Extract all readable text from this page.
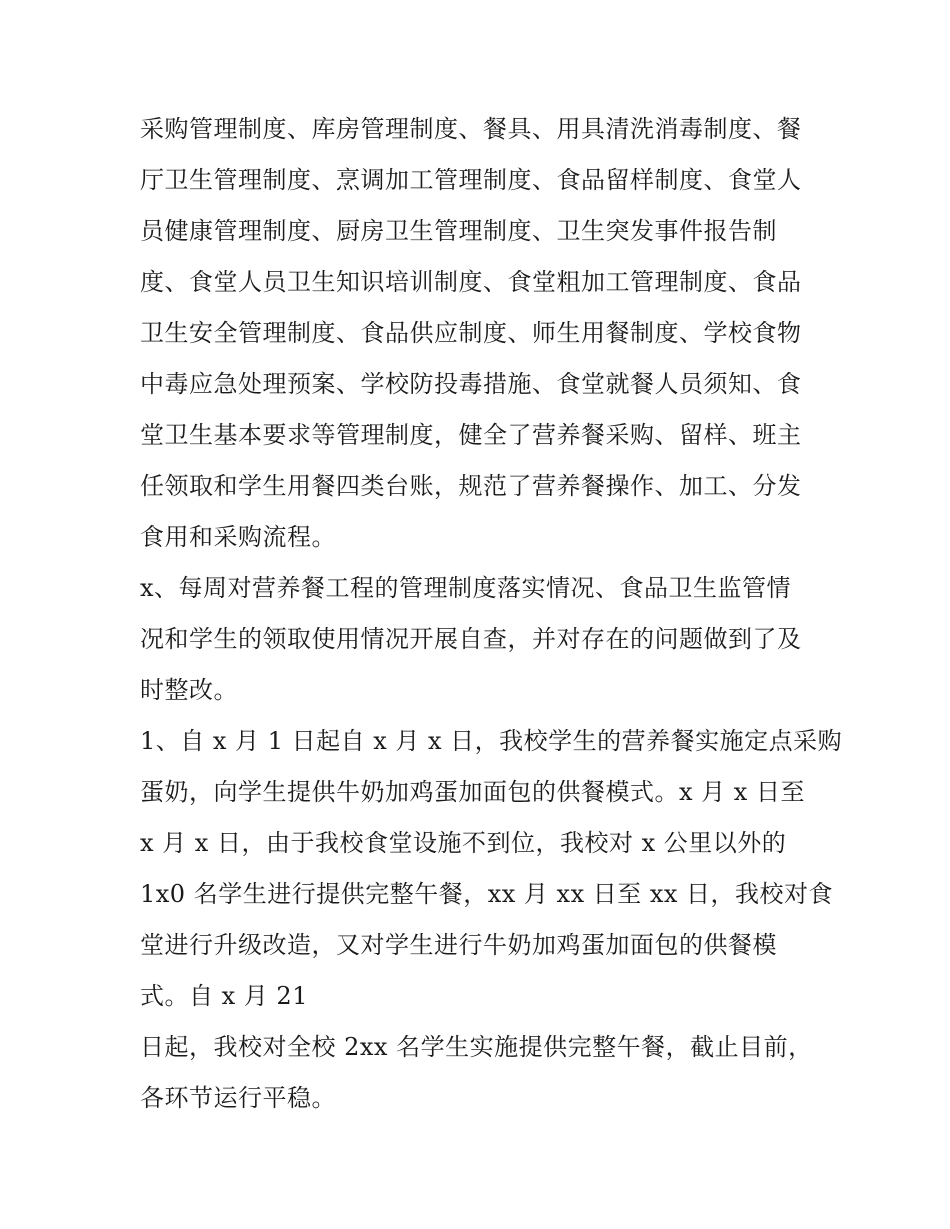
采购管理制度、库房管理制度、餐具、用具清洗消毒制度、餐
厅卫生管理制度、烹调加工管理制度、食品留样制度、食堂人
员健康管理制度、厨房卫生管理制度、卫生突发事件报告制
度、食堂人员卫生知识培训制度、食堂粗加工管理制度、食品
卫生安全管理制度、食品供应制度、师生用餐制度、学校食物
中毒应急处理预案、学校防投毒措施、食堂就餐人员须知、食
堂卫生基本要求等管理制度，健全了营养餐采购、留样、班主
任领取和学生用餐四类台账，规范了营养餐操作、加工、分发
食用和采购流程。
x、每周对营养餐工程的管理制度落实情况、食品卫生监管情
况和学生的领取使用情况开展自查，并对存在的问题做到了及
时整改。
1、自 x 月 1 日起自 x 月 x 日，我校学生的营养餐实施定点采购
蛋奶，向学生提供牛奶加鸡蛋加面包的供餐模式。x 月 x 日至
x 月 x 日，由于我校食堂设施不到位，我校对 x 公里以外的
1x0 名学生进行提供完整午餐，xx 月 xx 日至 xx 日，我校对食
堂进行升级改造，又对学生进行牛奶加鸡蛋加面包的供餐模
式。自 x 月 21
日起，我校对全校 2xx 名学生实施提供完整午餐，截止目前，
各环节运行平稳。
